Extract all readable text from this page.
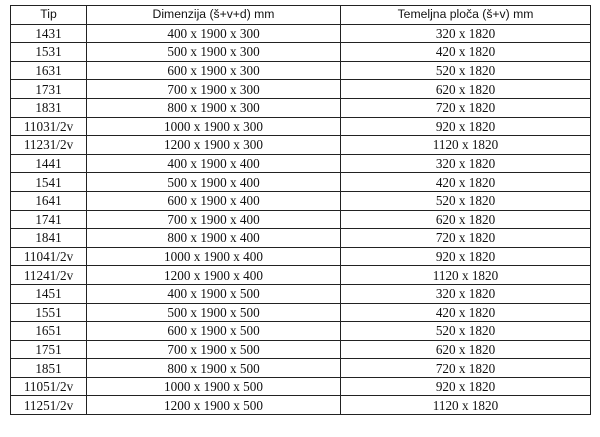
Tip	Dimenzija (š+v+d) mm	Temeljna ploča (š+v) mm
1431	400 x 1900 x 300	320 x 1820
1531	500 x 1900 x 300	420 x 1820
1631	600 x 1900 x 300	520 x 1820
1731	700 x 1900 x 300	620 x 1820
1831	800 x 1900 x 300	720 x 1820
11031/2v	1000 x 1900 x 300	920 x 1820
11231/2v	1200 x 1900 x 300	1120 x 1820
1441	400 x 1900 x 400	320 x 1820
1541	500 x 1900 x 400	420 x 1820
1641	600 x 1900 x 400	520 x 1820
1741	700 x 1900 x 400	620 x 1820
1841	800 x 1900 x 400	720 x 1820
11041/2v	1000 x 1900 x 400	920 x 1820
11241/2v	1200 x 1900 x 400	1120 x 1820
1451	400 x 1900 x 500	320 x 1820
1551	500 x 1900 x 500	420 x 1820
1651	600 x 1900 x 500	520 x 1820
1751	700 x 1900 x 500	620 x 1820
1851	800 x 1900 x 500	720 x 1820
11051/2v	1000 x 1900 x 500	920 x 1820
11251/2v	1200 x 1900 x 500	1120 x 1820
